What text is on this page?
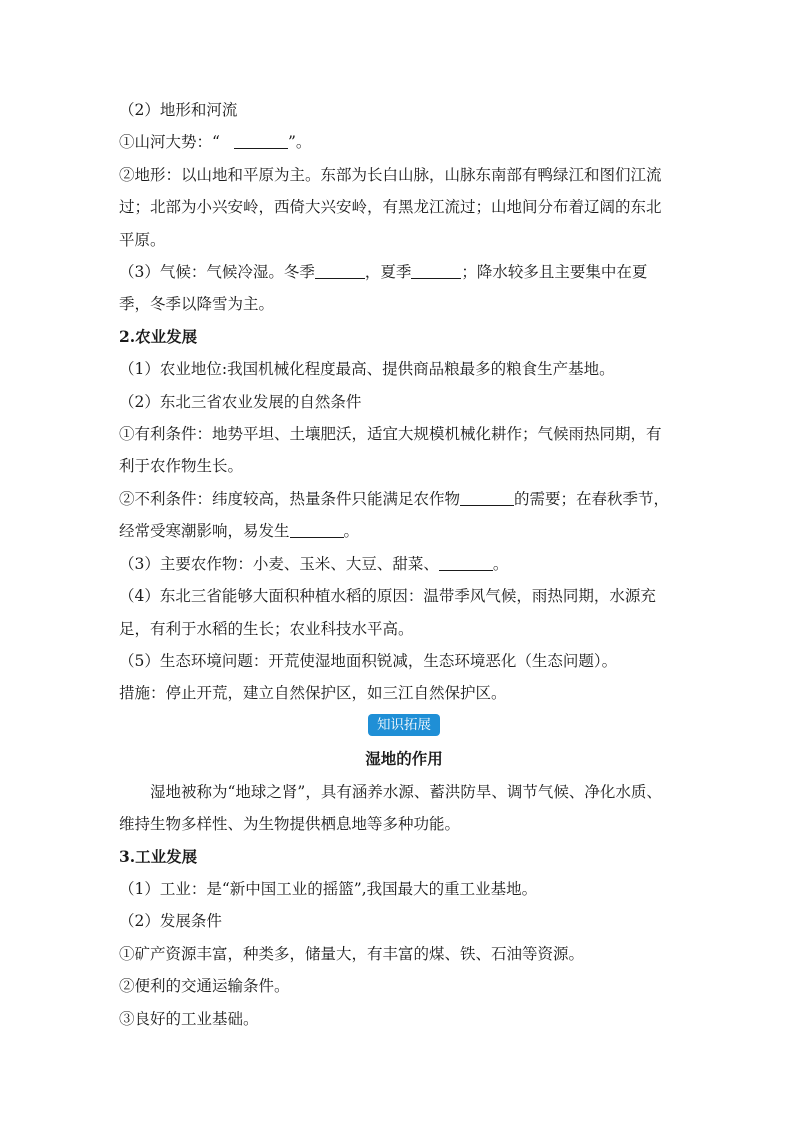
（2）地形和河流
①山河大势：“	”。
②地形：以山地和平原为主。东部为长白山脉，山脉东南部有鸭绿江和图们江流
过；北部为小兴安岭，西倚大兴安岭，有黑龙江流过；山地间分布着辽阔的东北
平原。
（3）气候：气候冷湿。冬季	，夏季	；降水较多且主要集中在夏
季，冬季以降雪为主。
2.农业发展
（1）农业地位:我国机械化程度最高、提供商品粮最多的粮食生产基地。
（2）东北三省农业发展的自然条件
①有利条件：地势平坦、土壤肥沃，适宜大规模机械化耕作；气候雨热同期，有
利于农作物生长。
②不利条件：纬度较高，热量条件只能满足农作物	的需要；在春秋季节，
经常受寒潮影响，易发生	。
（3）主要农作物：小麦、玉米、大豆、甜菜、	。
（4）东北三省能够大面积种植水稻的原因：温带季风气候，雨热同期，水源充
足，有利于水稻的生长；农业科技水平高。
（5）生态环境问题：开荒使湿地面积锐减，生态环境恶化（生态问题）。
措施：停止开荒，建立自然保护区，如三江自然保护区。
知识拓展
湿地的作用
湿地被称为“地球之肾”，具有涵养水源、蓄洪防旱、调节气候、净化水质、
维持生物多样性、为生物提供栖息地等多种功能。
3.工业发展
（1）工业：是“新中国工业的摇篮”,我国最大的重工业基地。
（2）发展条件
①矿产资源丰富，种类多，储量大，有丰富的煤、铁、石油等资源。
②便利的交通运输条件。
③良好的工业基础。
